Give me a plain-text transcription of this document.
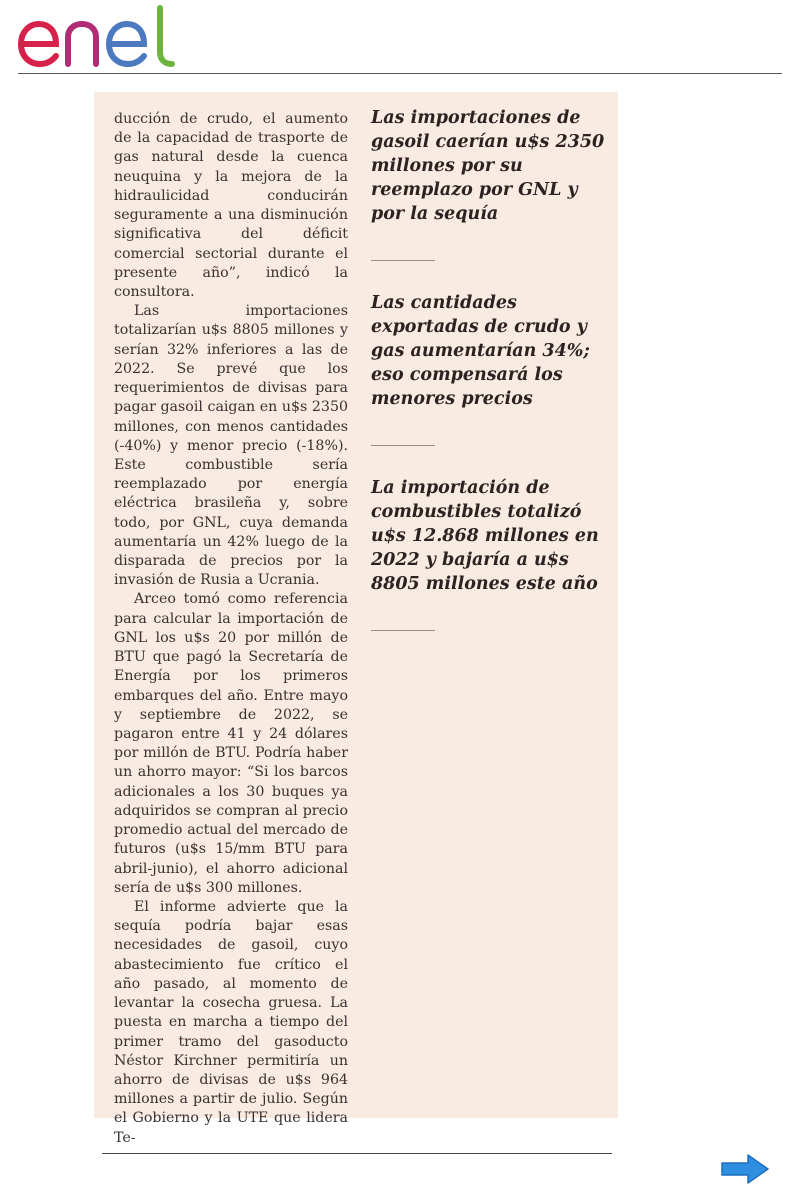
ducción de crudo, el aumento de la capacidad de trasporte de gas natural desde la cuenca neuquina y la mejora de la hidraulicidad conducirán seguramente a una disminución significativa del déficit comercial sectorial durante el presente año”, indicó la consultora.

Las importaciones totalizarían u$s 8805 millones y serían 32% inferiores a las de 2022. Se prevé que los requerimientos de divisas para pagar gasoil caigan en u$s 2350 millones, con menos cantidades (-40%) y menor precio (-18%). Este combustible sería reemplazado por energía eléctrica brasileña y, sobre todo, por GNL, cuya demanda aumentaría un 42% luego de la disparada de precios por la invasión de Rusia a Ucrania.

Arceo tomó como referencia para calcular la importación de GNL los u$s 20 por millón de BTU que pagó la Secretaría de Energía por los primeros embarques del año. Entre mayo y septiembre de 2022, se pagaron entre 41 y 24 dólares por millón de BTU. Podría haber un ahorro mayor: “Si los barcos adicionales a los 30 buques ya adquiridos se compran al precio promedio actual del mercado de futuros (u$s 15/mm BTU para abril-junio), el ahorro adicional sería de u$s 300 millones.

El informe advierte que la sequía podría bajar esas necesidades de gasoil, cuyo abastecimiento fue crítico el año pasado, al momento de levantar la cosecha gruesa. La puesta en marcha a tiempo del primer tramo del gasoducto Néstor Kirchner permitiría un ahorro de divisas de u$s 964 millones a partir de julio. Según el Gobierno y la UTE que lidera Te-

Las importaciones de gasoil caerían u$s 2350 millones por su reemplazo por GNL y por la sequía

Las cantidades exportadas de crudo y gas aumentarían 34%; eso compensará los menores precios

La importación de combustibles totalizó u$s 12.868 millones en 2022 y bajaría a u$s 8805 millones este año
